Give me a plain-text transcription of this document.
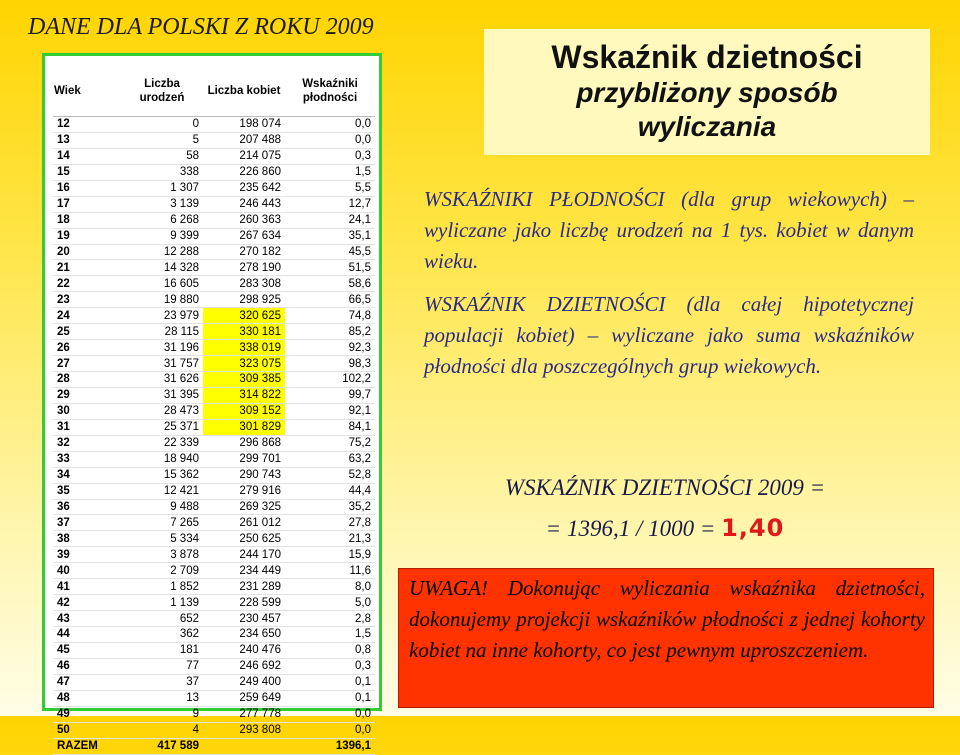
DANE DLA POLSKI Z ROKU 2009
Wiek	Liczba urodzeń	Liczba kobiet	Wskaźniki płodności
12	0	198 074	0,0
13	5	207 488	0,0
14	58	214 075	0,3
15	338	226 860	1,5
16	1 307	235 642	5,5
17	3 139	246 443	12,7
18	6 268	260 363	24,1
19	9 399	267 634	35,1
20	12 288	270 182	45,5
21	14 328	278 190	51,5
22	16 605	283 308	58,6
23	19 880	298 925	66,5
24	23 979	320 625	74,8
25	28 115	330 181	85,2
26	31 196	338 019	92,3
27	31 757	323 075	98,3
28	31 626	309 385	102,2
29	31 395	314 822	99,7
30	28 473	309 152	92,1
31	25 371	301 829	84,1
32	22 339	296 868	75,2
33	18 940	299 701	63,2
34	15 362	290 743	52,8
35	12 421	279 916	44,4
36	9 488	269 325	35,2
37	7 265	261 012	27,8
38	5 334	250 625	21,3
39	3 878	244 170	15,9
40	2 709	234 449	11,6
41	1 852	231 289	8,0
42	1 139	228 599	5,0
43	652	230 457	2,8
44	362	234 650	1,5
45	181	240 476	0,8
46	77	246 692	0,3
47	37	249 400	0,1
48	13	259 649	0,1
49	9	277 778	0,0
50	4	293 808	0,0
RAZEM	417 589		1396,1
Wskaźnik dzietności
przybliżony sposób
wyliczania
WSKAŹNIKI PŁODNOŚCI (dla grup wiekowych) – wyliczane jako liczbę urodzeń na 1 tys. kobiet w danym wieku.
WSKAŹNIK DZIETNOŚCI (dla całej hipotetycznej populacji kobiet) – wyliczane jako suma wskaźników płodności dla poszczególnych grup wiekowych.
WSKAŹNIK DZIETNOŚCI 2009 =
= 1396,1 / 1000 = 1,40
UWAGA! Dokonując wyliczania wskaźnika dzietności, dokonujemy projekcji wskaźników płodności z jednej kohorty kobiet na inne kohorty, co jest pewnym uproszczeniem.
